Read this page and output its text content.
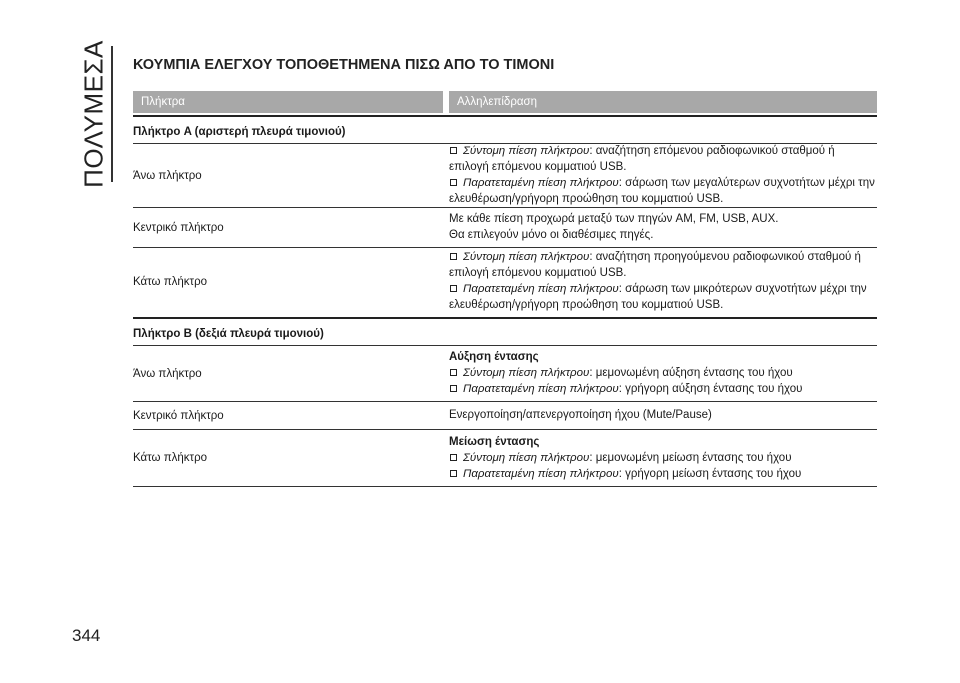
ΠΟΛΥΜΕΣΑ ΚΟΥΜΠΙΑ ΕΛΕΓΧΟΥ ΤΟΠΟΘΕΤΗΜΕΝΑ ΠΙΣΩ ΑΠΟ ΤΟ ΤΙΜΟΝΙ
Πλήκτρα	Αλληλεπίδραση
Πλήκτρο A (αριστερή πλευρά τιμονιού)
Άνω πλήκτρο
Σύντομη πίεση πλήκτρου: αναζήτηση επόμενου ραδιοφωνικού σταθμού ή
επιλογή επόμενου κομματιού USB.
Παρατεταμένη πίεση πλήκτρου: σάρωση των μεγαλύτερων συχνοτήτων μέχρι την
ελευθέρωση/γρήγορη προώθηση του κομματιού USB.
Κεντρικό πλήκτρο
Με κάθε πίεση προχωρά μεταξύ των πηγών AM, FM, USB, AUX.
Θα επιλεγούν μόνο οι διαθέσιμες πηγές.
Κάτω πλήκτρο
Σύντομη πίεση πλήκτρου: αναζήτηση προηγούμενου ραδιοφωνικού σταθμού ή
επιλογή επόμενου κομματιού USB.
Παρατεταμένη πίεση πλήκτρου: σάρωση των μικρότερων συχνοτήτων μέχρι την
ελευθέρωση/γρήγορη προώθηση του κομματιού USB.
Πλήκτρο B (δεξιά πλευρά τιμονιού)
Άνω πλήκτρο
Αύξηση έντασης
Σύντομη πίεση πλήκτρου: μεμονωμένη αύξηση έντασης του ήχου
Παρατεταμένη πίεση πλήκτρου: γρήγορη αύξηση έντασης του ήχου
Κεντρικό πλήκτρο	Ενεργοποίηση/απενεργοποίηση ήχου (Mute/Pause)
Κάτω πλήκτρο
Μείωση έντασης
Σύντομη πίεση πλήκτρου: μεμονωμένη μείωση έντασης του ήχου
Παρατεταμένη πίεση πλήκτρου: γρήγορη μείωση έντασης του ήχου
344
